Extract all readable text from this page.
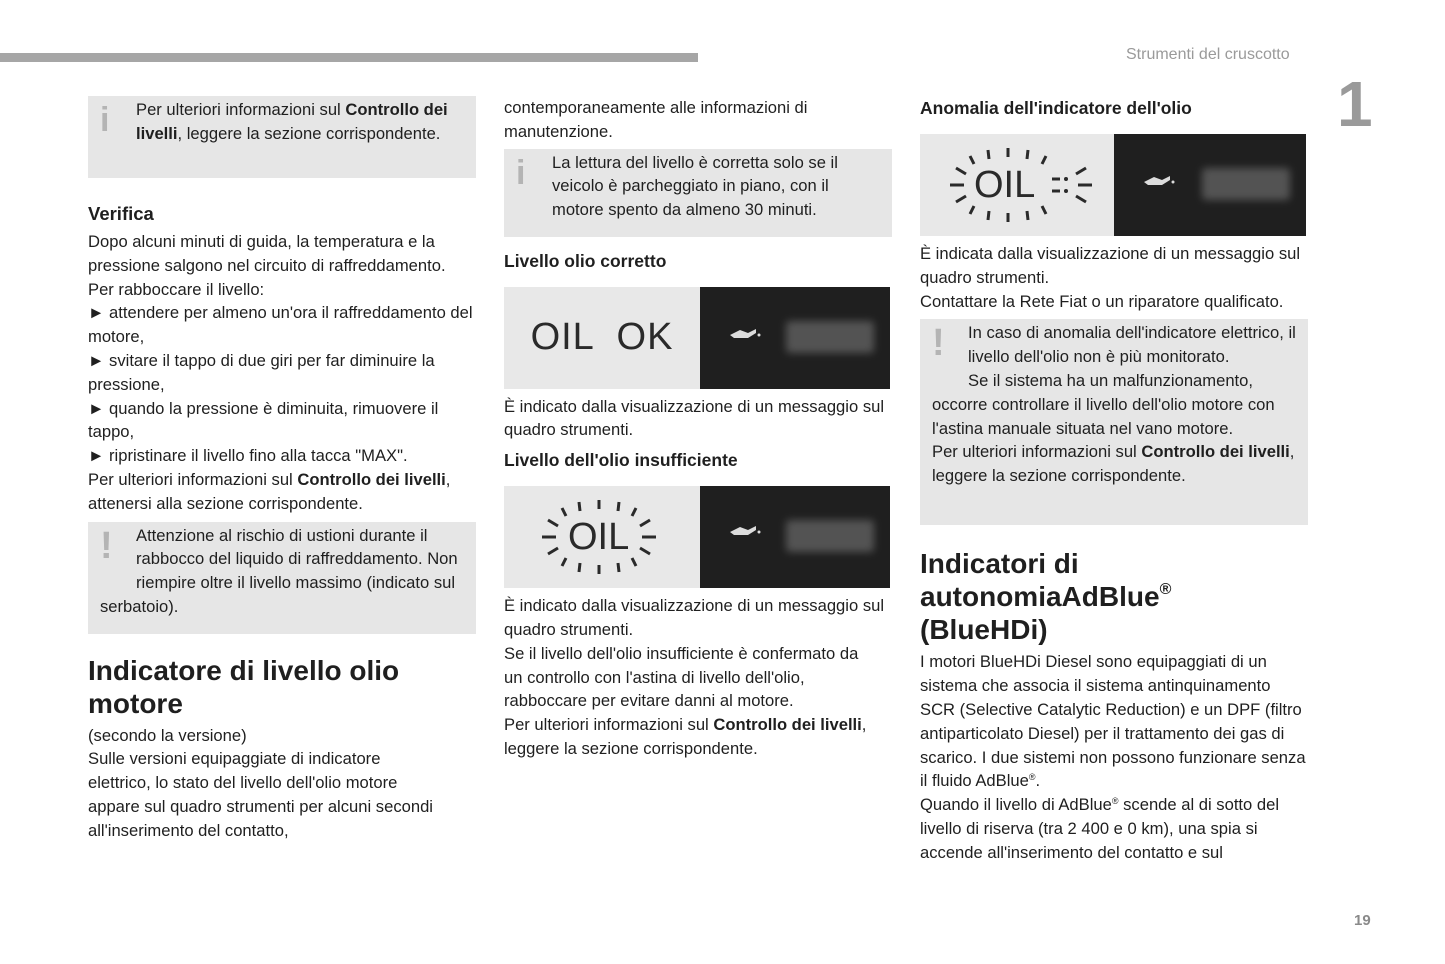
Strumenti del cruscotto
1
19
i	Per ulteriori informazioni sul Controllo dei livelli, leggere la sezione corrispondente.
Verifica
Dopo alcuni minuti di guida, la temperatura e la pressione salgono nel circuito di raffreddamento.
Per rabboccare il livello:
► attendere per almeno un'ora il raffreddamento del motore,
► svitare il tappo di due giri per far diminuire la pressione,
► quando la pressione è diminuita, rimuovere il tappo,
► ripristinare il livello fino alla tacca "MAX".
Per ulteriori informazioni sul Controllo dei livelli, attenersi alla sezione corrispondente.
!	Attenzione al rischio di ustioni durante il rabbocco del liquido di raffreddamento. Non riempire oltre il livello massimo (indicato sul serbatoio).
Indicatore di livello olio motore
(secondo la versione)
Sulle versioni equipaggiate di indicatore elettrico, lo stato del livello dell'olio motore appare sul quadro strumenti per alcuni secondi all'inserimento del contatto,
contemporaneamente alle informazioni di manutenzione.
i	La lettura del livello è corretta solo se il veicolo è parcheggiato in piano, con il motore spento da almeno 30 minuti.
Livello olio corretto
OIL  OK
È indicato dalla visualizzazione di un messaggio sul quadro strumenti.
Livello dell'olio insufficiente
OIL
È indicato dalla visualizzazione di un messaggio sul quadro strumenti.
Se il livello dell'olio insufficiente è confermato da un controllo con l'astina di livello dell'olio, rabboccare per evitare danni al motore.
Per ulteriori informazioni sul Controllo dei livelli, leggere la sezione corrispondente.
Anomalia dell'indicatore dell'olio
OIL
È indicata dalla visualizzazione di un messaggio sul quadro strumenti.
Contattare la Rete Fiat o un riparatore qualificato.
!	In caso di anomalia dell'indicatore elettrico, il livello dell'olio non è più monitorato.
Se il sistema ha un malfunzionamento, occorre controllare il livello dell'olio motore con l'astina manuale situata nel vano motore.
Per ulteriori informazioni sul Controllo dei livelli, leggere la sezione corrispondente.
Indicatori di autonomiaAdBlue®
(BlueHDi)
I motori BlueHDi Diesel sono equipaggiati di un sistema che associa il sistema antinquinamento SCR (Selective Catalytic Reduction) e un DPF (filtro antiparticolato Diesel) per il trattamento dei gas di scarico. I due sistemi non possono funzionare senza il fluido AdBlue®.
Quando il livello di AdBlue® scende al di sotto del livello di riserva (tra 2 400 e 0 km), una spia si accende all'inserimento del contatto e sul
